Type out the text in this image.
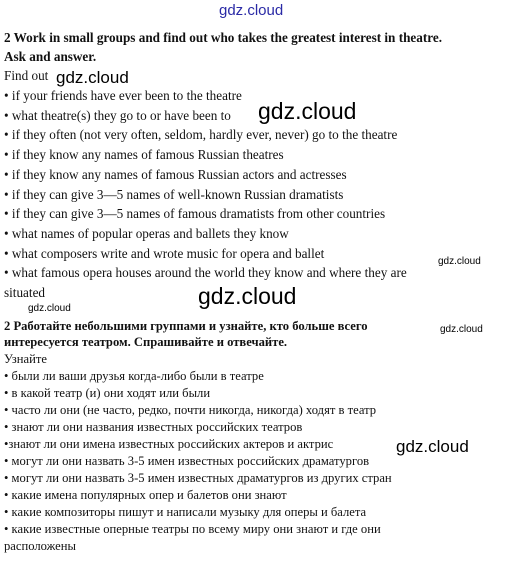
2 Work in small groups and find out who takes the greatest interest in theatre.
Ask and answer.
Find out
• if your friends have ever been to the theatre
• what theatre(s) they go to or have been to
• if they often (not very often, seldom, hardly ever, never) go to the theatre
• if they know any names of famous Russian theatres
• if they know any names of famous Russian actors and actresses
• if they can give 3—5 names of well-known Russian dramatists
• if they can give 3—5 names of famous dramatists from other countries
• what names of popular operas and ballets they know
• what composers write and wrote music for opera and ballet
• what famous opera houses around the world they know and where they are
situated
2 Работайте небольшими группами и узнайте, кто больше всего
интересуется театром. Спрашивайте и отвечайте.
Узнайте
• были ли ваши друзья когда-либо были в театре
• в какой театр (и) они ходят или были
• часто ли они (не часто, редко, почти никогда, никогда) ходят в театр
• знают ли они названия известных российских театров
•знают ли они имена известных российских актеров и актрис
• могут ли они назвать 3-5 имен известных российских драматургов
• могут ли они назвать 3-5 имен известных драматургов из других стран
• какие имена популярных опер и балетов они знают
• какие композиторы пишут и написали музыку для оперы и балета
• какие известные оперные театры по всему миру они знают и где они
расположены
gdz.cloud
gdz.cloud
gdz.cloud
gdz.cloud
gdz.cloud
gdz.cloud
gdz.cloud
gdz.cloud
